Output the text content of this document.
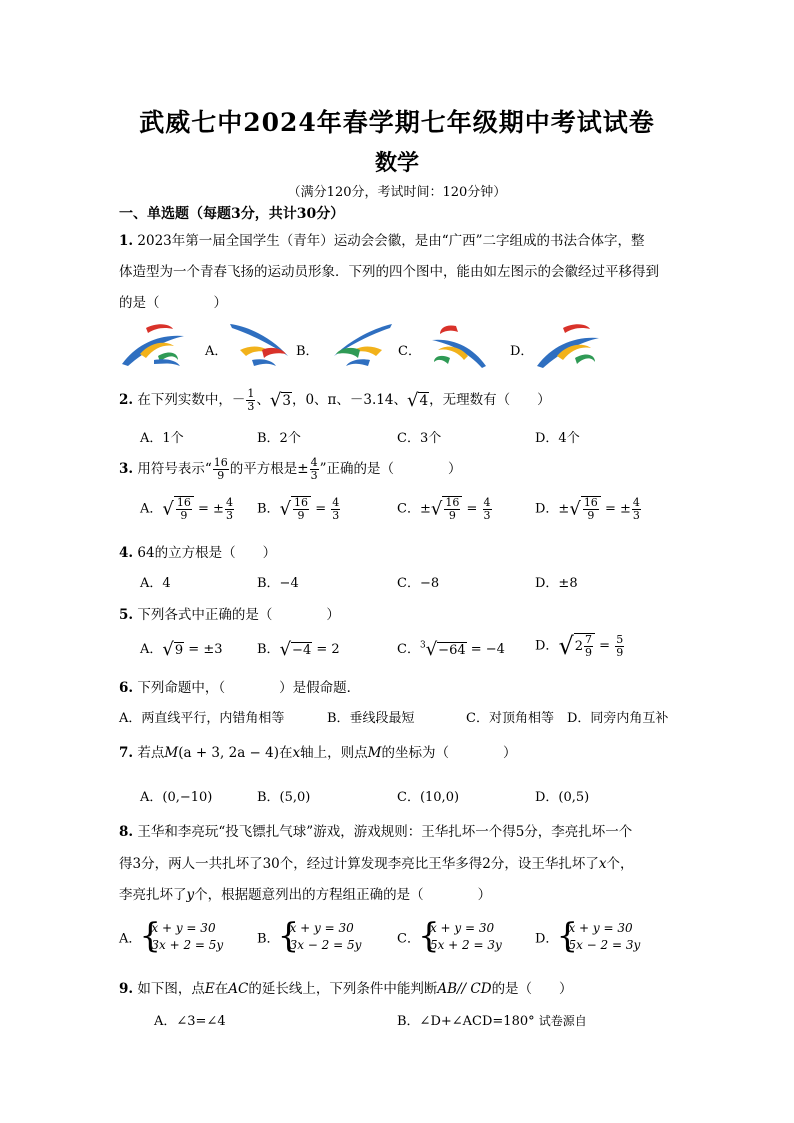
武威七中2024年春学期七年级期中考试试卷
数学
（满分120分，考试时间：120分钟）
一、单选题（每题3分，共计30分）
1. 2023年第一届全国学生（青年）运动会会徽，是由“广西”二字组成的书法合体字，整
体造型为一个青春飞扬的运动员形象．下列的四个图中，能由如左图示的会徽经过平移得到
的是（　　　　）
A．	B．	C．	D．
2. 在下列实数中，－ $\frac{1}{3}$ 、√3，0、π、－3.14、√4，无理数有（　　）
A．1个	B．2个	C．3个	D．4个
3. 用符号表示“ $\frac{16}{9}$ 的平方根是± $\frac{4}{3}$ ”正确的是（　　　　）
A．√ $\frac{16}{9}$ = ± $\frac{4}{3}$ B．√ $\frac{16}{9} = \frac{4}{3}$	C．±√ $\frac{16}{9} = \frac{4}{3}$	D．±√ $\frac{16}{9}$ = ± $\frac{4}{3}$
4. 64的立方根是（　　）
A．4	B．−4	C．−8	D．±8
5. 下列各式中正确的是（　　　　）
A．√9 = ±3	B．√−4 = 2	C．$^3$√−64 = −4 D．$√2 \frac{7}{9} = \frac{5}{9}$
6. 下列命题中，（　　　　）是假命题．
A．两直线平行，内错角相等	B．垂线段最短	C．对顶角相等 D．同旁内角互补
7. 若点M(a + 3, 2a − 4)在x轴上，则点M的坐标为（　　　　）
A．(0,−10)	B．(5,0)	C．(10,0)	D．(0,5)
8. 王华和李亮玩“投飞镖扎气球”游戏，游戏规则：王华扎坏一个得5分，李亮扎坏一个
得3分，两人一共扎坏了30个，经过计算发现李亮比王华多得2分，设王华扎坏了x个，
李亮扎坏了y个，根据题意列出的方程组正确的是（　　　　）
A．
{ x + y = 30
3x + 2 = 5y	B．
{ x + y = 30
3x − 2 = 5y	C．
{ x + y = 30
5x + 2 = 3y	D．
{ x + y = 30
5x − 2 = 3y
9. 如下图，点E在AC的延长线上，下列条件中能判断AB// CD的是（　　）
A．∠3=∠4	B．∠D+∠ACD=180° 试卷源自
